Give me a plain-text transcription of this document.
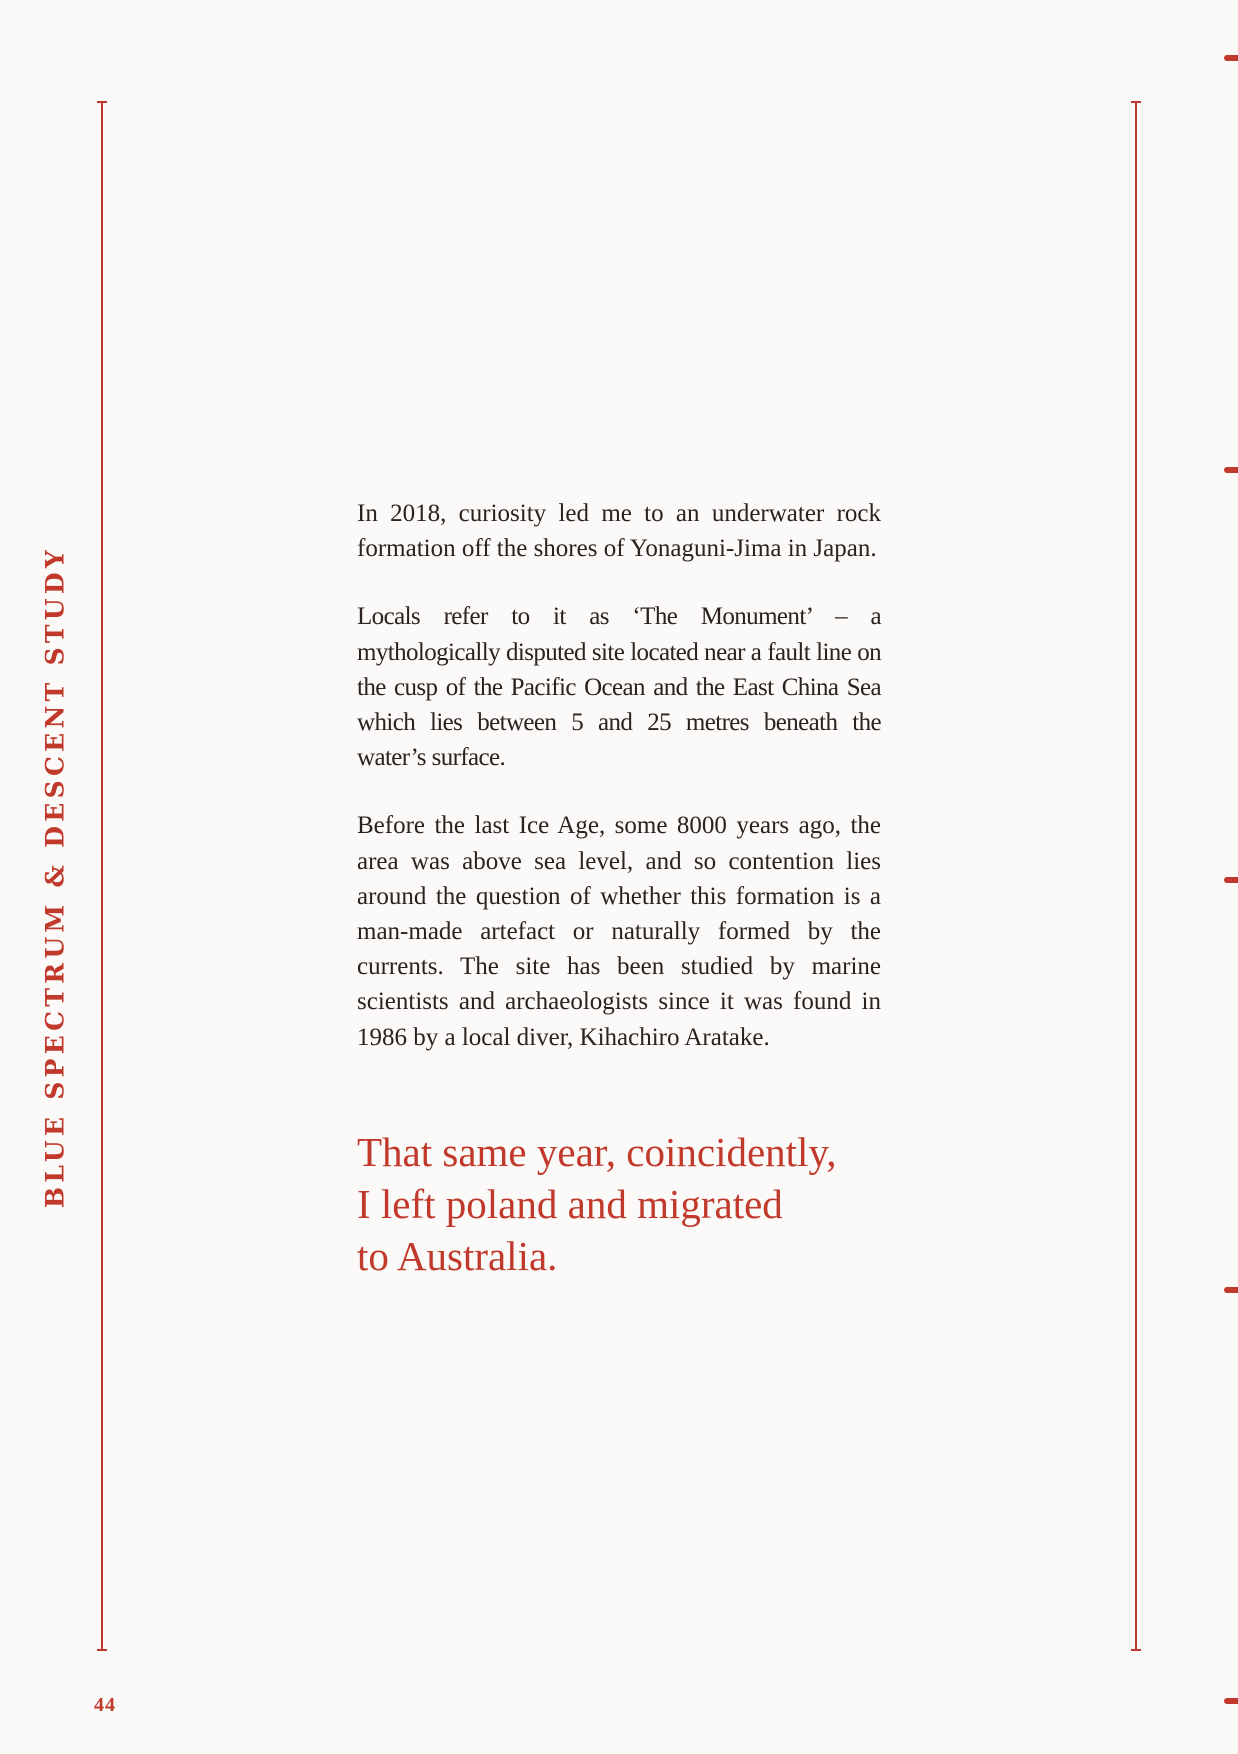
BLUE SPECTRUM & DESCENT STUDY
44

In 2018, curiosity led me to an underwater rock formation off the shores of Yonaguni-Jima in Japan.

Locals refer to it as ‘The Monument’ – a mythologically disputed site located near a fault line on the cusp of the Pacific Ocean and the East China Sea which lies between 5 and 25 metres beneath the water’s surface.

Before the last Ice Age, some 8000 years ago, the area was above sea level, and so contention lies around the question of whether this formation is a man-made artefact or naturally formed by the currents. The site has been studied by marine scientists and archaeologists since it was found in 1986 by a local diver, Kihachiro Aratake.

That same year, coincidently,
I left poland and migrated
to Australia.
